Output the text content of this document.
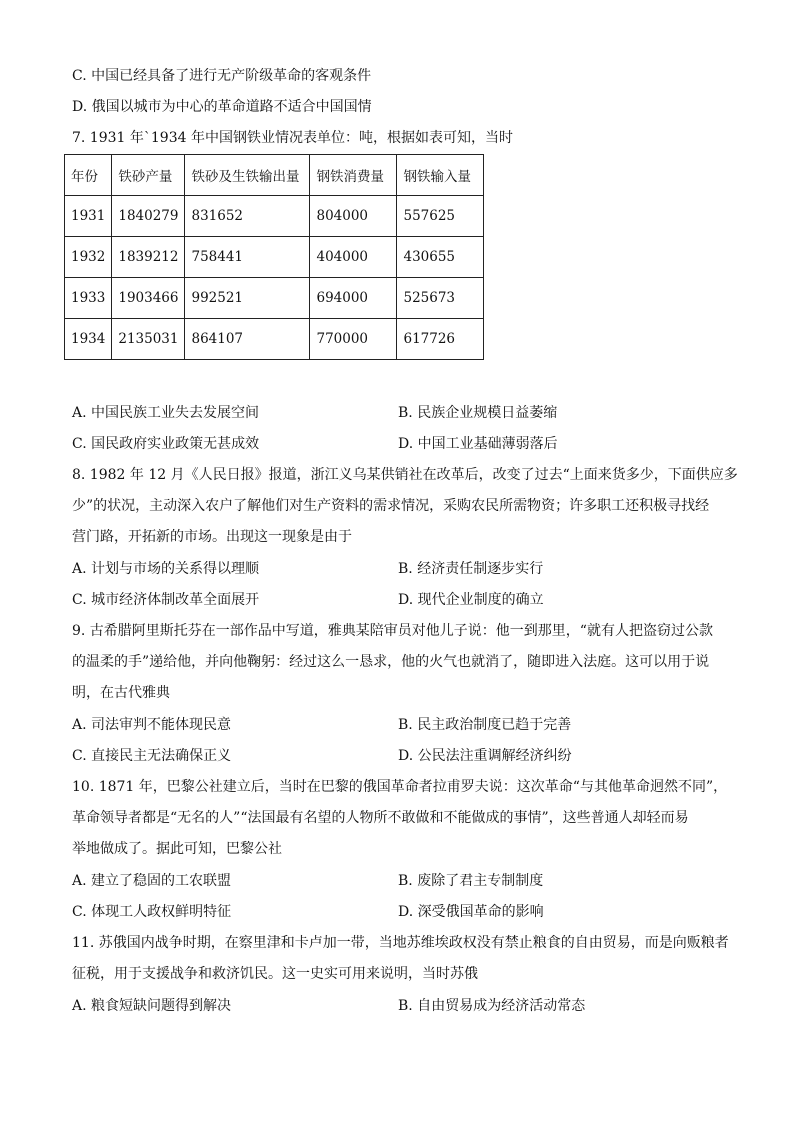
C. 中国已经具备了进行无产阶级革命的客观条件
D. 俄国以城市为中心的革命道路不适合中国国情
7. 1931 年`1934 年中国钢铁业情况表单位：吨，根据如表可知，当时
年份	铁砂产量	铁砂及生铁输出量	钢铁消费量	钢铁输入量
1931	1840279	831652	804000	557625
1932	1839212	758441	404000	430655
1933	1903466	992521	694000	525673
1934	2135031	864107	770000	617726
A. 中国民族工业失去发展空间	B. 民族企业规模日益萎缩
C. 国民政府实业政策无甚成效	D. 中国工业基础薄弱落后
8. 1982 年 12 月《人民日报》报道，浙江义乌某供销社在改革后，改变了过去“上面来货多少，下面供应多
少”的状况，主动深入农户了解他们对生产资料的需求情况，采购农民所需物资；许多职工还积极寻找经
营门路，开拓新的市场。出现这一现象是由于
A. 计划与市场的关系得以理顺	B. 经济责任制逐步实行
C. 城市经济体制改革全面展开	D. 现代企业制度的确立
9. 古希腊阿里斯托芬在一部作品中写道，雅典某陪审员对他儿子说：他一到那里，“就有人把盗窃过公款
的温柔的手”递给他，并向他鞠躬：经过这么一恳求，他的火气也就消了，随即进入法庭。这可以用于说
明，在古代雅典
A. 司法审判不能体现民意	B. 民主政治制度已趋于完善
C. 直接民主无法确保正义	D. 公民法注重调解经济纠纷
10. 1871 年，巴黎公社建立后，当时在巴黎的俄国革命者拉甫罗夫说：这次革命“与其他革命迥然不同”，
革命领导者都是“无名的人”“法国最有名望的人物所不敢做和不能做成的事情”，这些普通人却轻而易
举地做成了。据此可知，巴黎公社
A. 建立了稳固的工农联盟	B. 废除了君主专制制度
C. 体现工人政权鲜明特征	D. 深受俄国革命的影响
11. 苏俄国内战争时期，在察里津和卡卢加一带，当地苏维埃政权没有禁止粮食的自由贸易，而是向贩粮者
征税，用于支援战争和救济饥民。这一史实可用来说明，当时苏俄
A. 粮食短缺问题得到解决	B. 自由贸易成为经济活动常态
